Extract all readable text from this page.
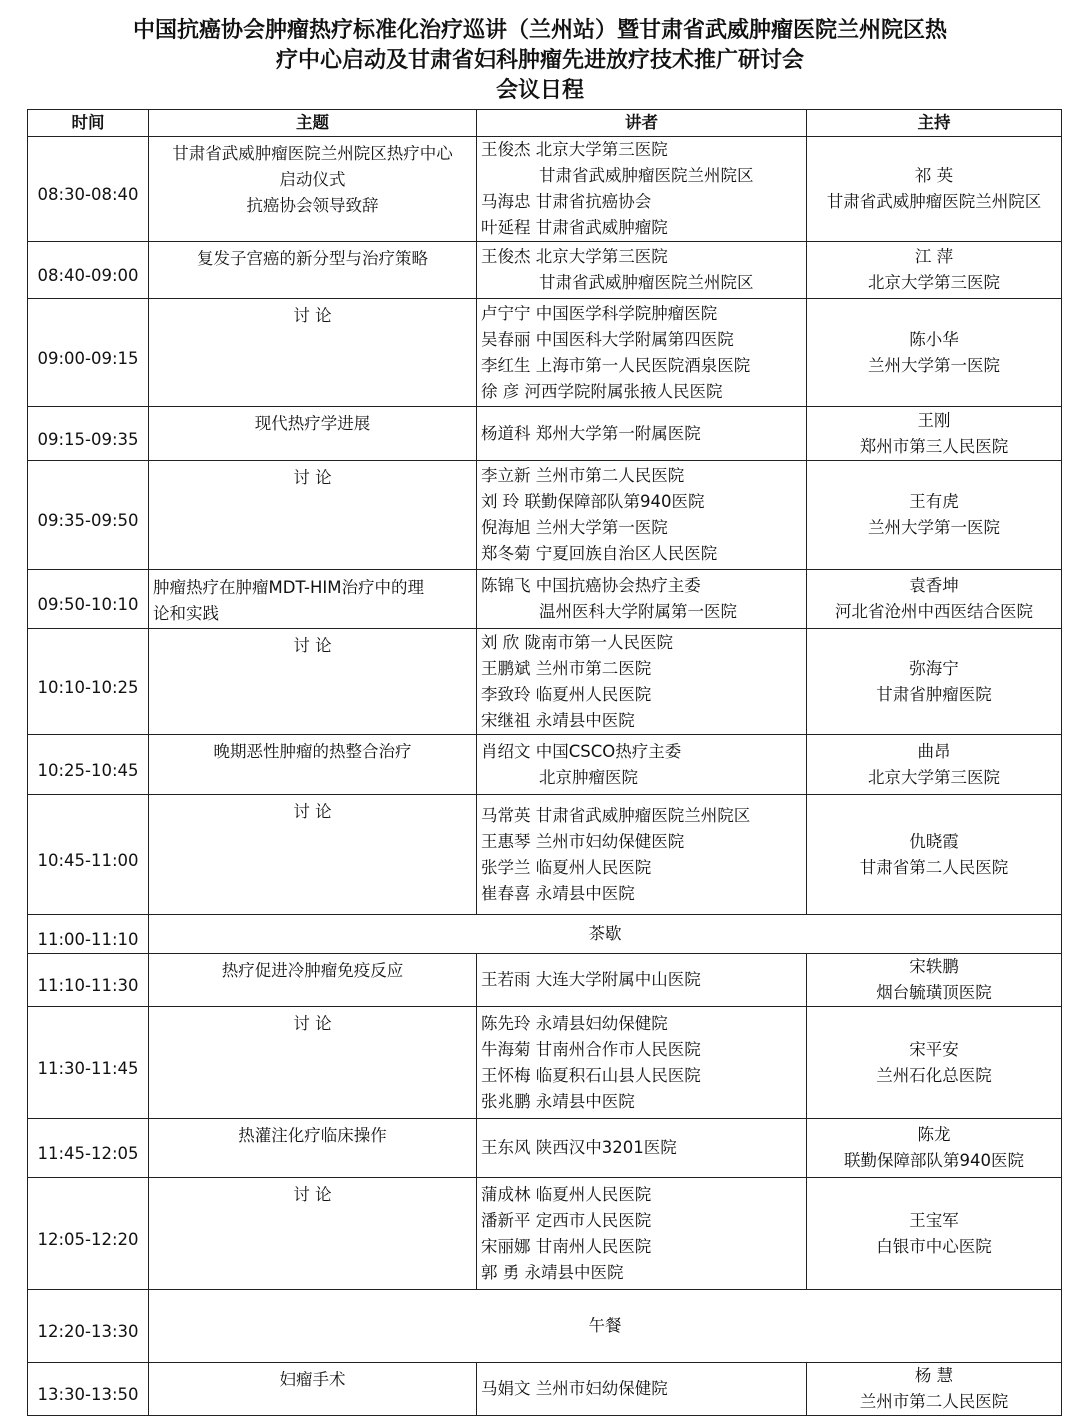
中国抗癌协会肿瘤热疗标准化治疗巡讲（兰州站）暨甘肃省武威肿瘤医院兰州院区热
疗中心启动及甘肃省妇科肿瘤先进放疗技术推广研讨会
会议日程
时间	主题	讲者	主持
08:30-08:40	甘肃省武威肿瘤医院兰州院区热疗中心
启动仪式
抗癌协会领导致辞	王俊杰 北京大学第三医院
甘肃省武威肿瘤医院兰州院区
马海忠 甘肃省抗癌协会
叶延程 甘肃省武威肿瘤院	祁 英
甘肃省武威肿瘤医院兰州院区

08:40-09:00	复发子宫癌的新分型与治疗策略	王俊杰 北京大学第三医院
甘肃省武威肿瘤医院兰州院区	江 萍
北京大学第三医院

09:00-09:15	讨 论	卢宁宁 中国医学科学院肿瘤医院
吴春丽 中国医科大学附属第四医院
李红生 上海市第一人民医院酒泉医院
徐 彦 河西学院附属张掖人民医院	陈小华
兰州大学第一医院

09:15-09:35	现代热疗学进展	杨道科 郑州大学第一附属医院	王刚
郑州市第三人民医院

09:35-09:50	讨 论	李立新 兰州市第二人民医院
刘 玲 联勤保障部队第940医院
倪海旭 兰州大学第一医院
郑冬菊 宁夏回族自治区人民医院	王有虎
兰州大学第一医院

09:50-10:10	肿瘤热疗在肿瘤MDT-HIM治疗中的理
论和实践	陈锦飞 中国抗癌协会热疗主委
温州医科大学附属第一医院	袁香坤
河北省沧州中西医结合医院

10:10-10:25	讨 论	刘 欣 陇南市第一人民医院
王鹏斌 兰州市第二医院
李致玲 临夏州人民医院
宋继祖 永靖县中医院	弥海宁
甘肃省肿瘤医院

10:25-10:45	晚期恶性肿瘤的热整合治疗	肖绍文 中国CSCO热疗主委
北京肿瘤医院	曲昂
北京大学第三医院

10:45-11:00	讨 论	马常英 甘肃省武威肿瘤医院兰州院区
王惠琴 兰州市妇幼保健医院
张学兰 临夏州人民医院
崔春喜 永靖县中医院	仇晓霞
甘肃省第二人民医院

11:00-11:10	茶歇		
11:10-11:30	热疗促进冷肿瘤免疫反应	王若雨 大连大学附属中山医院	宋轶鹏
烟台毓璜顶医院

11:30-11:45	讨 论	陈先玲 永靖县妇幼保健院
牛海菊 甘南州合作市人民医院
王怀梅 临夏积石山县人民医院
张兆鹏 永靖县中医院	宋平安
兰州石化总医院

11:45-12:05	热灌注化疗临床操作	王东风 陕西汉中3201医院	陈龙
联勤保障部队第940医院

12:05-12:20	讨 论	蒲成林 临夏州人民医院
潘新平 定西市人民医院
宋丽娜 甘南州人民医院
郭 勇 永靖县中医院	王宝军
白银市中心医院

12:20-13:30	午餐		
13:30-13:50	妇瘤手术	马娟文 兰州市妇幼保健院	杨 慧
兰州市第二人民医院
